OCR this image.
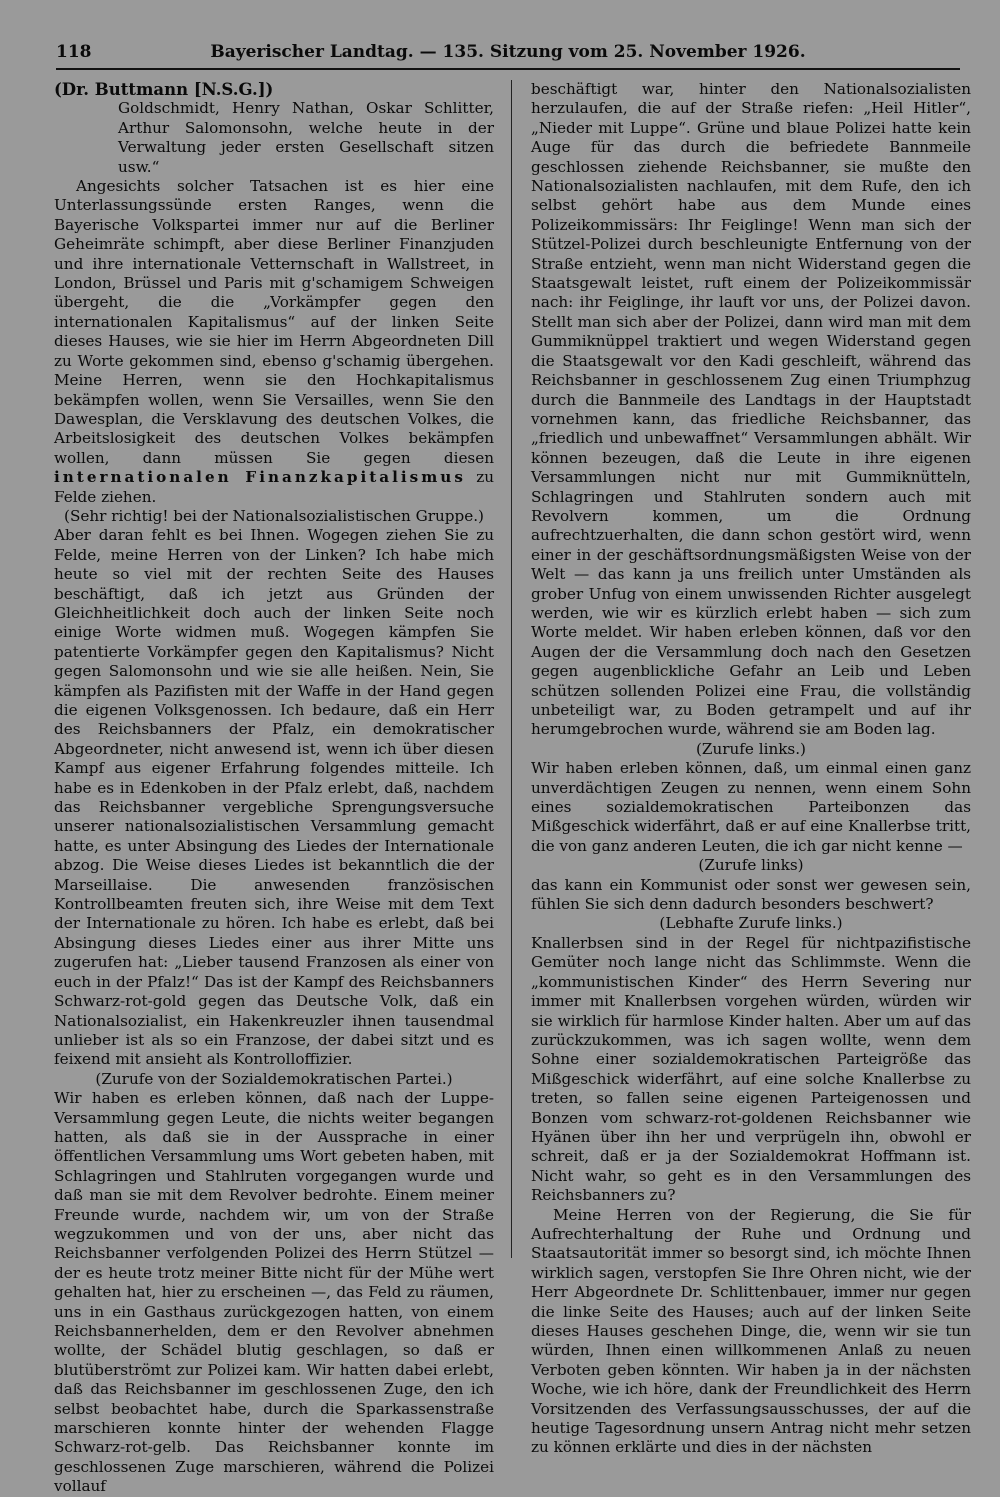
118	Bayerischer Landtag. — 135. Sitzung vom 25. November 1926.

(Dr. Buttmann [N.S.G.])

Goldschmidt, Henry Nathan, Oskar Schlitter, Arthur Salomonsohn, welche heute in der Verwaltung jeder ersten Gesellschaft sitzen usw.“

Angesichts solcher Tatsachen ist es hier eine Unterlassungssünde ersten Ranges, wenn die Bayerische Volkspartei immer nur auf die Berliner Geheimräte schimpft, aber diese Berliner Finanzjuden und ihre internationale Vetternschaft in Wallstreet, in London, Brüssel und Paris mit g'schamigem Schweigen übergeht, die die „Vorkämpfer gegen den internationalen Kapitalismus“ auf der linken Seite dieses Hauses, wie sie hier im Herrn Abgeordneten Dill zu Worte gekommen sind, ebenso g'schamig übergehen. Meine Herren, wenn sie den Hochkapitalismus bekämpfen wollen, wenn Sie Versailles, wenn Sie den Dawesplan, die Versklavung des deutschen Volkes, die Arbeitslosigkeit des deutschen Volkes bekämpfen wollen, dann müssen Sie gegen diesen internationalen Finanzkapitalismus zu Felde ziehen.

(Sehr richtig! bei der Nationalsozialistischen Gruppe.)

Aber daran fehlt es bei Ihnen. Wogegen ziehen Sie zu Felde, meine Herren von der Linken? Ich habe mich heute so viel mit der rechten Seite des Hauses beschäftigt, daß ich jetzt aus Gründen der Gleichheitlichkeit doch auch der linken Seite noch einige Worte widmen muß. Wogegen kämpfen Sie patentierte Vorkämpfer gegen den Kapitalismus? Nicht gegen Salomonsohn und wie sie alle heißen. Nein, Sie kämpfen als Pazifisten mit der Waffe in der Hand gegen die eigenen Volksgenossen. Ich bedaure, daß ein Herr des Reichsbanners der Pfalz, ein demokratischer Abgeordneter, nicht anwesend ist, wenn ich über diesen Kampf aus eigener Erfahrung folgendes mitteile. Ich habe es in Edenkoben in der Pfalz erlebt, daß, nachdem das Reichsbanner vergebliche Sprengungsversuche unserer nationalsozialistischen Versammlung gemacht hatte, es unter Absingung des Liedes der Internationale abzog. Die Weise dieses Liedes ist bekanntlich die der Marseillaise. Die anwesenden französischen Kontrollbeamten freuten sich, ihre Weise mit dem Text der Internationale zu hören. Ich habe es erlebt, daß bei Absingung dieses Liedes einer aus ihrer Mitte uns zugerufen hat: „Lieber tausend Franzosen als einer von euch in der Pfalz!“ Das ist der Kampf des Reichsbanners Schwarz-rot-gold gegen das Deutsche Volk, daß ein Nationalsozialist, ein Hakenkreuzler ihnen tausendmal unlieber ist als so ein Franzose, der dabei sitzt und es feixend mit ansieht als Kontrolloffizier.

(Zurufe von der Sozialdemokratischen Partei.)

Wir haben es erleben können, daß nach der Luppe-Versammlung gegen Leute, die nichts weiter begangen hatten, als daß sie in der Aussprache in einer öffentlichen Versammlung ums Wort gebeten haben, mit Schlagringen und Stahlruten vorgegangen wurde und daß man sie mit dem Revolver bedrohte. Einem meiner Freunde wurde, nachdem wir, um von der Straße wegzukommen und von der uns, aber nicht das Reichsbanner verfolgenden Polizei des Herrn Stützel — der es heute trotz meiner Bitte nicht für der Mühe wert gehalten hat, hier zu erscheinen —, das Feld zu räumen, uns in ein Gasthaus zurückgezogen hatten, von einem Reichsbannerhelden, dem er den Revolver abnehmen wollte, der Schädel blutig geschlagen, so daß er blutüberströmt zur Polizei kam. Wir hatten dabei erlebt, daß das Reichsbanner im geschlossenen Zuge, den ich selbst beobachtet habe, durch die Sparkassenstraße marschieren konnte hinter der wehenden Flagge Schwarz-rot-gelb. Das Reichsbanner konnte im geschlossenen Zuge marschieren, während die Polizei vollauf

beschäftigt war, hinter den Nationalsozialisten herzulaufen, die auf der Straße riefen: „Heil Hitler“, „Nieder mit Luppe“. Grüne und blaue Polizei hatte kein Auge für das durch die befriedete Bannmeile geschlossen ziehende Reichsbanner, sie mußte den Nationalsozialisten nachlaufen, mit dem Rufe, den ich selbst gehört habe aus dem Munde eines Polizeikommissärs: Ihr Feiglinge! Wenn man sich der Stützel-Polizei durch beschleunigte Entfernung von der Straße entzieht, wenn man nicht Widerstand gegen die Staatsgewalt leistet, ruft einem der Polizeikommissär nach: ihr Feiglinge, ihr lauft vor uns, der Polizei davon. Stellt man sich aber der Polizei, dann wird man mit dem Gummiknüppel traktiert und wegen Widerstand gegen die Staatsgewalt vor den Kadi geschleift, während das Reichsbanner in geschlossenem Zug einen Triumphzug durch die Bannmeile des Landtags in der Hauptstadt vornehmen kann, das friedliche Reichsbanner, das „friedlich und unbewaffnet“ Versammlungen abhält. Wir können bezeugen, daß die Leute in ihre eigenen Versammlungen nicht nur mit Gummiknütteln, Schlagringen und Stahlruten sondern auch mit Revolvern kommen, um die Ordnung aufrechtzuerhalten, die dann schon gestört wird, wenn einer in der geschäftsordnungsmäßigsten Weise von der Welt — das kann ja uns freilich unter Umständen als grober Unfug von einem unwissenden Richter ausgelegt werden, wie wir es kürzlich erlebt haben — sich zum Worte meldet. Wir haben erleben können, daß vor den Augen der die Versammlung doch nach den Gesetzen gegen augenblickliche Gefahr an Leib und Leben schützen sollenden Polizei eine Frau, die vollständig unbeteiligt war, zu Boden getrampelt und auf ihr herumgebrochen wurde, während sie am Boden lag.

(Zurufe links.)

Wir haben erleben können, daß, um einmal einen ganz unverdächtigen Zeugen zu nennen, wenn einem Sohn eines sozialdemokratischen Parteibonzen das Mißgeschick widerfährt, daß er auf eine Knallerbse tritt, die von ganz anderen Leuten, die ich gar nicht kenne —

(Zurufe links)

das kann ein Kommunist oder sonst wer gewesen sein, fühlen Sie sich denn dadurch besonders beschwert?

(Lebhafte Zurufe links.)

Knallerbsen sind in der Regel für nichtpazifistische Gemüter noch lange nicht das Schlimmste. Wenn die „kommunistischen Kinder“ des Herrn Severing nur immer mit Knallerbsen vorgehen würden, würden wir sie wirklich für harmlose Kinder halten. Aber um auf das zurückzukommen, was ich sagen wollte, wenn dem Sohne einer sozialdemokratischen Parteigröße das Mißgeschick widerfährt, auf eine solche Knallerbse zu treten, so fallen seine eigenen Parteigenossen und Bonzen vom schwarz-rot-goldenen Reichsbanner wie Hyänen über ihn her und verprügeln ihn, obwohl er schreit, daß er ja der Sozialdemokrat Hoffmann ist. Nicht wahr, so geht es in den Versammlungen des Reichsbanners zu?

Meine Herren von der Regierung, die Sie für Aufrechterhaltung der Ruhe und Ordnung und Staatsautorität immer so besorgt sind, ich möchte Ihnen wirklich sagen, verstopfen Sie Ihre Ohren nicht, wie der Herr Abgeordnete Dr. Schlittenbauer, immer nur gegen die linke Seite des Hauses; auch auf der linken Seite dieses Hauses geschehen Dinge, die, wenn wir sie tun würden, Ihnen einen willkommenen Anlaß zu neuen Verboten geben könnten. Wir haben ja in der nächsten Woche, wie ich höre, dank der Freundlichkeit des Herrn Vorsitzenden des Verfassungsausschusses, der auf die heutige Tagesordnung unsern Antrag nicht mehr setzen zu können erklärte und dies in der nächsten
